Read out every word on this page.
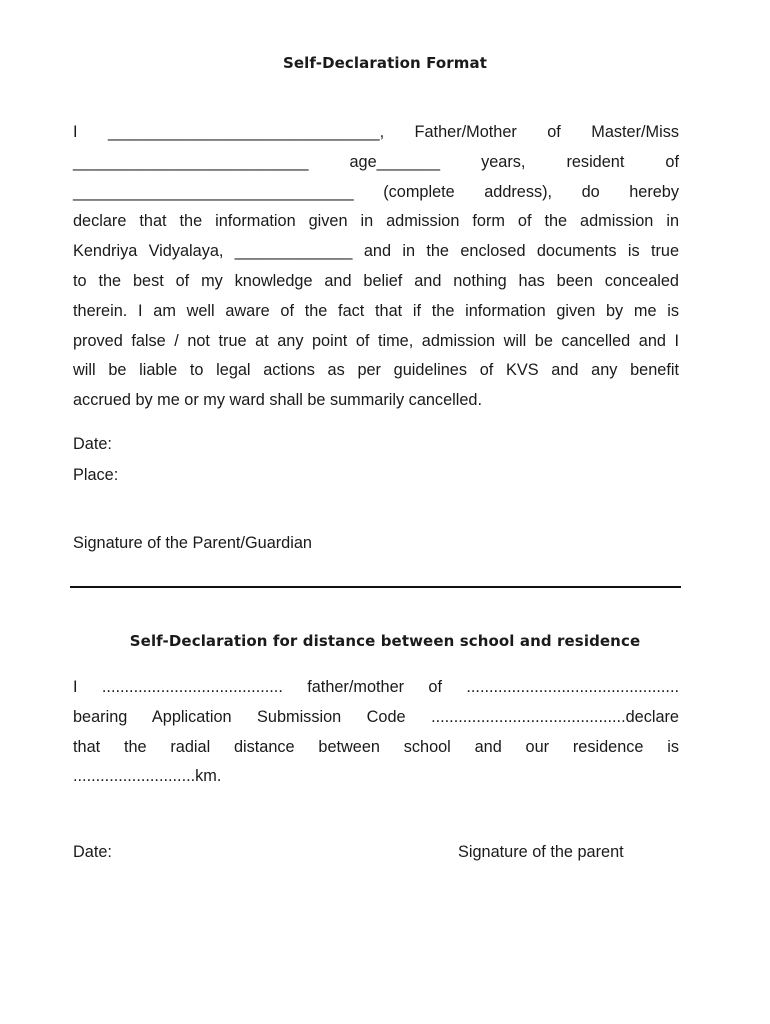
Self-Declaration Format
I ______________________________, Father/Mother of Master/Miss
__________________________ age_______ years, resident of
_______________________________ (complete address), do hereby
declare that the information given in admission form of the admission in
Kendriya Vidyalaya, _____________ and in the enclosed documents is true
to the best of my knowledge and belief and nothing has been concealed
therein. I am well aware of the fact that if the information given by me is
proved false / not true at any point of time, admission will be cancelled and I
will be liable to legal actions as per guidelines of KVS and any benefit
accrued by me or my ward shall be summarily cancelled.
Date:
Place:
Signature of the Parent/Guardian
Self-Declaration for distance between school and residence
I ........................................ father/mother of ...............................................
bearing Application Submission Code ...........................................declare
that the radial distance between school and our residence is
...........................km.
Date:	Signature of the parent
